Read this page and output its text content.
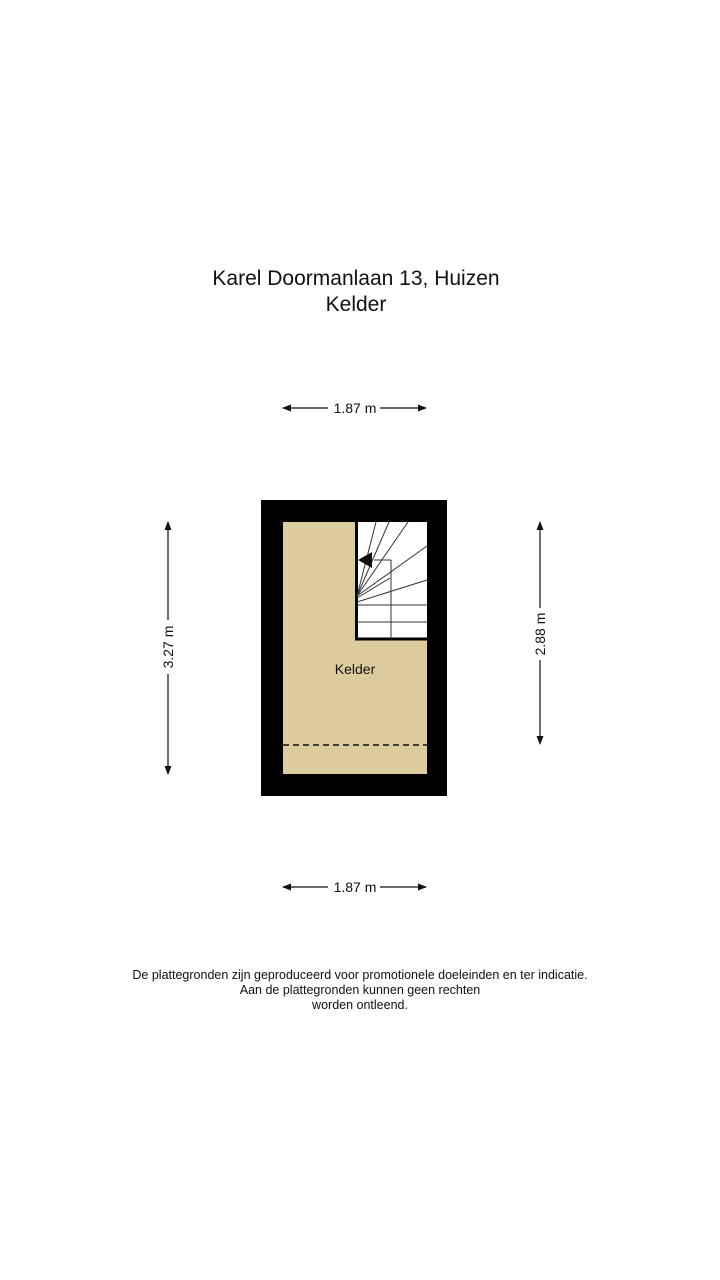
Karel Doormanlaan 13, Huizen
Kelder
1.87 m
1.87 m
3.27 m	2.88 m
Kelder
De plattegronden zijn geproduceerd voor promotionele doeleinden en ter indicatie.
Aan de plattegronden kunnen geen rechten
worden ontleend.
